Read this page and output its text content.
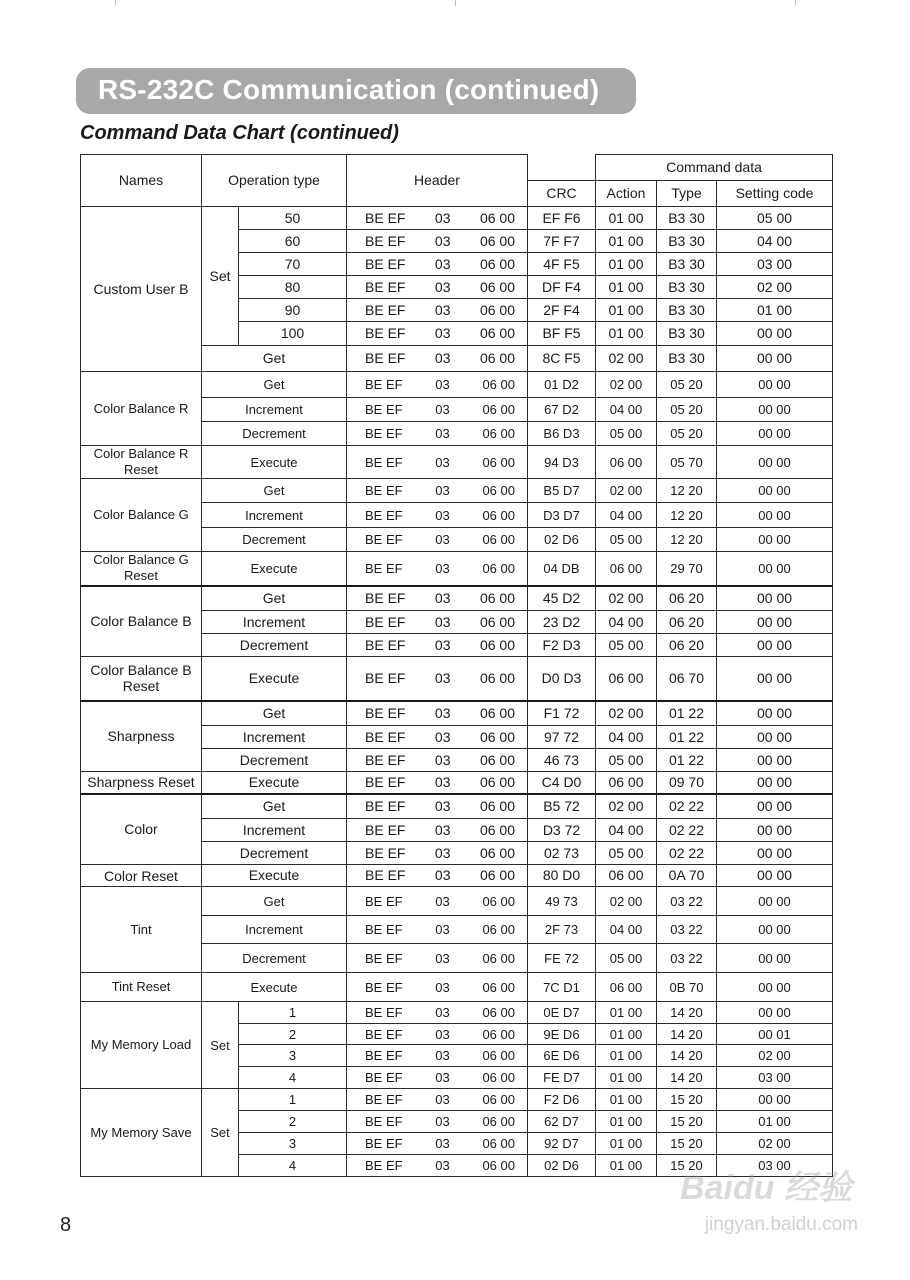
RS-232C Communication (continued)
Command Data Chart (continued)
Names	Operation type		Header		Command data		
				CRC	Action	Type	Setting code
Custom User B	Set	50	BE EF 03 06 00	EF F6	01 00	B3 30	05 00
		60	BE EF 03 06 00	7F F7	01 00	B3 30	04 00
		70	BE EF 03 06 00	4F F5	01 00	B3 30	03 00
		80	BE EF 03 06 00	DF F4	01 00	B3 30	02 00
		90	BE EF 03 06 00	2F F4	01 00	B3 30	01 00
		100	BE EF 03 06 00	BF F5	01 00	B3 30	00 00
	Get		BE EF 03 06 00	8C F5	02 00	B3 30	00 00
Color Balance R	Get		BE EF 03 06 00	01 D2	02 00	05 20	00 00
	Increment		BE EF 03 06 00	67 D2	04 00	05 20	00 00
	Decrement		BE EF 03 06 00	B6 D3	05 00	05 20	00 00
Color Balance R Reset	Execute		BE EF 03 06 00	94 D3	06 00	05 70	00 00
Color Balance G	Get		BE EF 03 06 00	B5 D7	02 00	12 20	00 00
	Increment		BE EF 03 06 00	D3 D7	04 00	12 20	00 00
	Decrement		BE EF 03 06 00	02 D6	05 00	12 20	00 00
Color Balance G Reset	Execute		BE EF 03 06 00	04 DB	06 00	29 70	00 00
Color Balance B	Get		BE EF 03 06 00	45 D2	02 00	06 20	00 00
	Increment		BE EF 03 06 00	23 D2	04 00	06 20	00 00
	Decrement		BE EF 03 06 00	F2 D3	05 00	06 20	00 00
Color Balance B Reset	Execute		BE EF 03 06 00	D0 D3	06 00	06 70	00 00
Sharpness	Get		BE EF 03 06 00	F1 72	02 00	01 22	00 00
	Increment		BE EF 03 06 00	97 72	04 00	01 22	00 00
	Decrement		BE EF 03 06 00	46 73	05 00	01 22	00 00
Sharpness Reset	Execute		BE EF 03 06 00	C4 D0	06 00	09 70	00 00
Color	Get		BE EF 03 06 00	B5 72	02 00	02 22	00 00
	Increment		BE EF 03 06 00	D3 72	04 00	02 22	00 00
	Decrement		BE EF 03 06 00	02 73	05 00	02 22	00 00
Color Reset	Execute		BE EF 03 06 00	80 D0	06 00	0A 70	00 00
Tint	Get		BE EF 03 06 00	49 73	02 00	03 22	00 00
	Increment		BE EF 03 06 00	2F 73	04 00	03 22	00 00
	Decrement		BE EF 03 06 00	FE 72	05 00	03 22	00 00
Tint Reset	Execute		BE EF 03 06 00	7C D1	06 00	0B 70	00 00
My Memory Load	Set	1	BE EF 03 06 00	0E D7	01 00	14 20	00 00
		2	BE EF 03 06 00	9E D6	01 00	14 20	00 01
		3	BE EF 03 06 00	6E D6	01 00	14 20	02 00
		4	BE EF 03 06 00	FE D7	01 00	14 20	03 00
My Memory Save	Set	1	BE EF 03 06 00	F2 D6	01 00	15 20	00 00
		2	BE EF 03 06 00	62 D7	01 00	15 20	01 00
		3	BE EF 03 06 00	92 D7	01 00	15 20	02 00
		4	BE EF 03 06 00	02 D6	01 00	15 20	03 00
8
Baidu 经验
jingyan.baidu.com
